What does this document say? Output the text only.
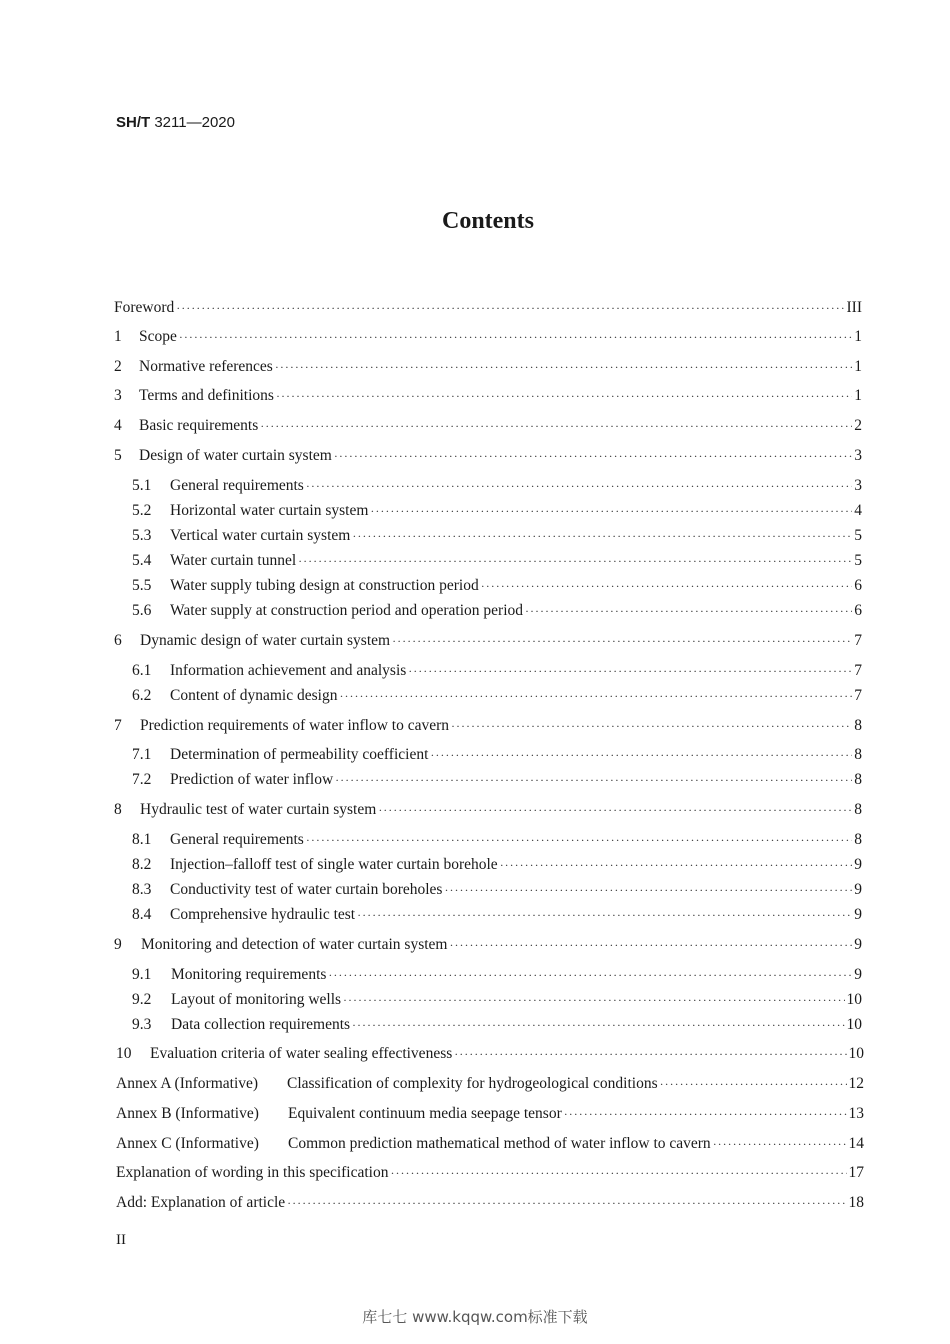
SH/T 3211—2020
Contents
Foreword ·····	III
1	Scope ·····	1
2	Normative references ·····	1
3	Terms and definitions ·····	1
4	Basic requirements ·····	2
5	Design of water curtain system ·····	3
5.1	General requirements ·····	3
5.2	Horizontal water curtain system ·····	4
5.3	Vertical water curtain system ·····	5
5.4	Water curtain tunnel ·····	5
5.5	Water supply tubing design at construction period ·····	6
5.6	Water supply at construction period and operation period ·····	6
6	Dynamic design of water curtain system ·····	7
6.1	Information achievement and analysis ·····	7
6.2	Content of dynamic design ·····	7
7	Prediction requirements of water inflow to cavern ·····	8
7.1	Determination of permeability coefficient ·····	8
7.2	Prediction of water inflow ·····	8
8	Hydraulic test of water curtain system ·····	8
8.1	General requirements ·····	8
8.2	Injection–falloff test of single water curtain borehole ·····	9
8.3	Conductivity test of water curtain boreholes ·····	9
8.4	Comprehensive hydraulic test ·····	9
9	Monitoring and detection of water curtain system ·····	9
9.1	Monitoring requirements ·····	9
9.2	Layout of monitoring wells ·····	10
9.3	Data collection requirements ·····	10
10	Evaluation criteria of water sealing effectiveness ·····	10
Annex A (Informative)	Classification of complexity for hydrogeological conditions ·····	12
Annex B (Informative)	Equivalent continuum media seepage tensor ·····	13
Annex C (Informative)	Common prediction mathematical method of water inflow to cavern ·····	14
Explanation of wording in this specification ·····	17
Add: Explanation of article ·····	18
II
库七七 www.kqqw.com标准下载
